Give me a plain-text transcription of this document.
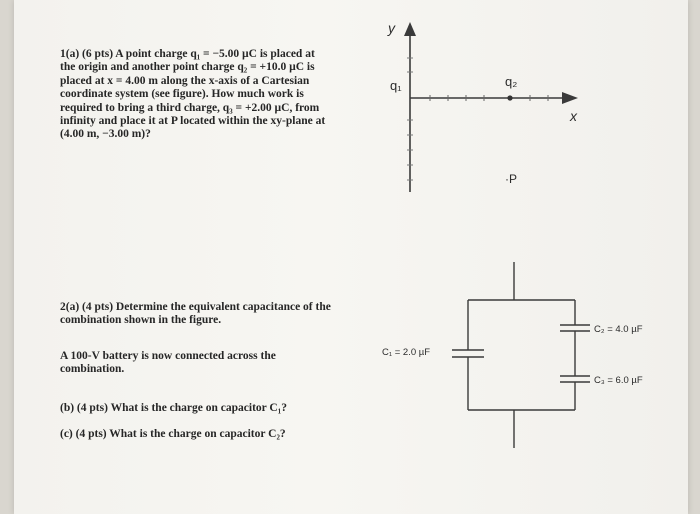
1(a) (6 pts) A point charge q₁ = −5.00 µC is placed at
the origin and another point charge q₂ = +10.0 µC is
placed at x = 4.00 m along the x-axis of a Cartesian
coordinate system (see figure). How much work is
required to bring a third charge, q₃ = +2.00 µC, from
infinity and place it at P located within the xy-plane at
(4.00 m, −3.00 m)?
2(a) (4 pts) Determine the equivalent capacitance of the
combination shown in the figure.
A 100-V battery is now connected across the
combination.
(b) (4 pts) What is the charge on capacitor C₁?
(c) (4 pts) What is the charge on capacitor C₂?
y
x
q₁	q₂
·P
C₁ = 2.0 µF
C₂ = 4.0 µF
C₃ = 6.0 µF
